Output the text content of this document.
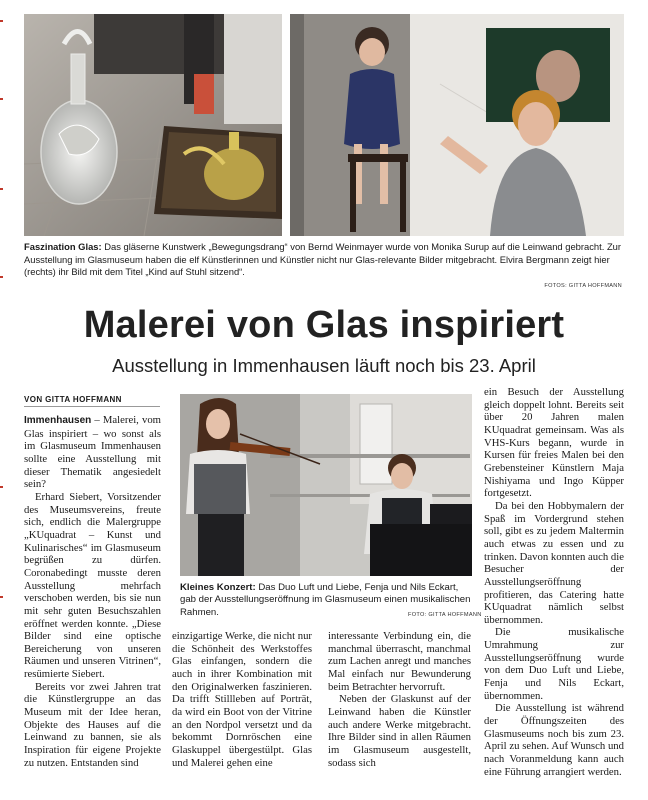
Faszination Glas: Das gläserne Kunstwerk „Bewegungsdrang“ von Bernd Weinmayer wurde von Monika Surup auf die Leinwand gebracht. Zur Ausstellung im Glasmuseum haben die elf Künstlerinnen und Künstler nicht nur Glas-relevante Bilder mitgebracht. Elvira Bergmann zeigt hier (rechts) ihr Bild mit dem Titel „Kind auf Stuhl sitzend“.
FOTOS: GITTA HOFFMANN
Malerei von Glas inspiriert
Ausstellung in Immenhausen läuft noch bis 23. April
VON GITTA HOFFMANN

Immenhausen – Malerei, vom Glas inspiriert – wo sonst als im Glasmuseum Immenhausen sollte eine Ausstellung mit dieser Thematik angesiedelt sein?

Erhard Siebert, Vorsitzender des Museumsvereins, freute sich, endlich die Malergruppe „KUquadrat – Kunst und Kulinarisches“ im Glasmuseum begrüßen zu dürfen. Coronabedingt musste deren Ausstellung mehrfach verschoben werden, bis sie nun mit sehr guten Besuchszahlen eröffnet werden konnte. „Diese Bilder sind eine optische Bereicherung von unseren Räumen und unseren Vitrinen“, resümierte Siebert.

Bereits vor zwei Jahren trat die Künstlergruppe an das Museum mit der Idee heran, Objekte des Hauses auf die Leinwand zu bannen, sie als Inspiration für eigene Projekte zu nutzen. Entstanden sind

Kleines Konzert: Das Duo Luft und Liebe, Fenja und Nils Eckart, gab der Ausstellungseröffnung im Glasmuseum einen musikalischen Rahmen.	FOTO: GITTA HOFFMANN

einzigartige Werke, die nicht nur die Schönheit des Werkstoffes Glas einfangen, sondern die auch in ihrer Kombination mit den Originalwerken faszinieren. Da trifft Stillleben auf Porträt, da wird ein Boot von der Vitrine an den Nordpol versetzt und da bekommt Dornröschen eine Glaskuppel übergestülpt. Glas und Malerei gehen eine

interessante Verbindung ein, die manchmal überrascht, manchmal zum Lachen anregt und manches Mal einfach nur Bewunderung beim Betrachter hervorruft.

Neben der Glaskunst auf der Leinwand haben die Künstler auch andere Werke mitgebracht. Ihre Bilder sind in allen Räumen im Glasmuseum ausgestellt, sodass sich

ein Besuch der Ausstellung gleich doppelt lohnt. Bereits seit über 20 Jahren malen KUquadrat gemeinsam. Was als VHS-Kurs begann, wurde in Kursen für freies Malen bei den Grebensteiner Künstlern Maja Nishiyama und Ingo Küpper fortgesetzt.

Da bei den Hobbymalern der Spaß im Vordergrund stehen soll, gibt es zu jedem Maltermin auch etwas zu essen und zu trinken. Davon konnten auch die Besucher der Ausstellungseröffnung profitieren, das Catering hatte KUquadrat nämlich selbst übernommen.

Die musikalische Umrahmung zur Ausstellungseröffnung wurde von dem Duo Luft und Liebe, Fenja und Nils Eckart, übernommen.

Die Ausstellung ist während der Öffnungszeiten des Glasmuseums noch bis zum 23. April zu sehen. Auf Wunsch und nach Voranmeldung kann auch eine Führung arrangiert werden.
